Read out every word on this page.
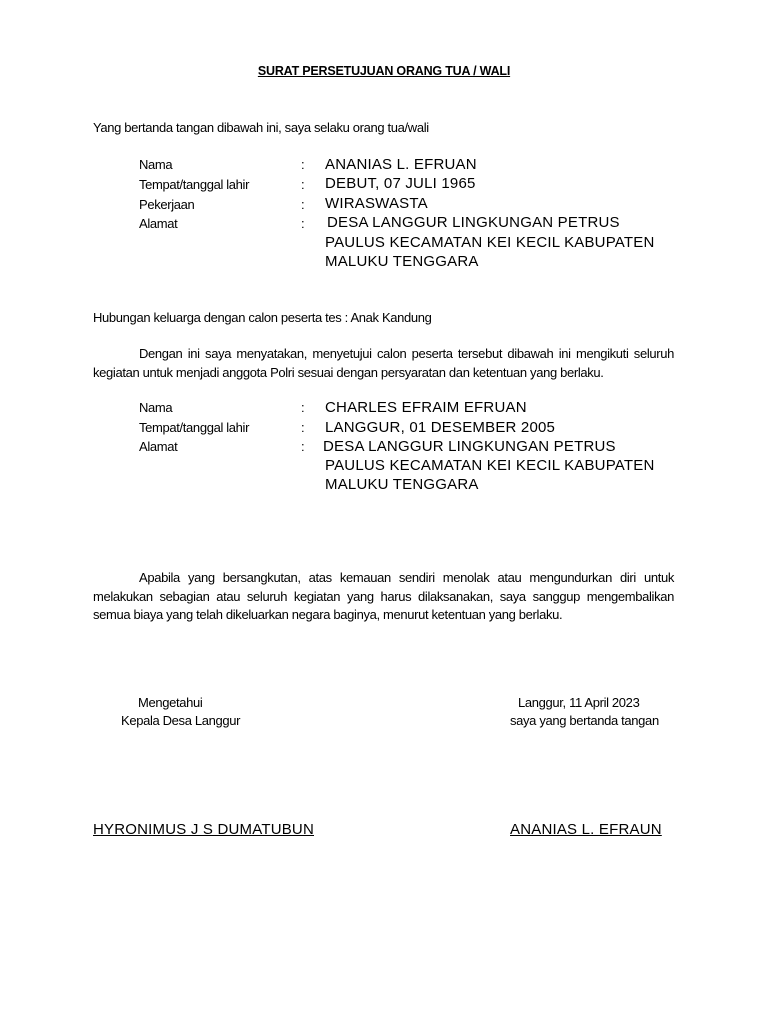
SURAT PERSETUJUAN ORANG TUA / WALI
Yang bertanda tangan dibawah ini, saya selaku orang tua/wali
Nama	: ANANIAS L. EFRUAN
Tempat/tanggal lahir	: DEBUT, 07 JULI 1965
Pekerjaan	: WIRASWASTA
Alamat	: DESA LANGGUR LINGKUNGAN PETRUS
PAULUS KECAMATAN KEI KECIL KABUPATEN
MALUKU TENGGARA
Hubungan keluarga dengan calon peserta tes : Anak Kandung
Dengan ini saya menyatakan, menyetujui calon peserta tersebut dibawah ini mengikuti seluruh kegiatan untuk menjadi anggota Polri sesuai dengan persyaratan dan ketentuan yang berlaku.
Nama	: CHARLES EFRAIM EFRUAN
Tempat/tanggal lahir	: LANGGUR, 01 DESEMBER 2005
Alamat	: DESA LANGGUR LINGKUNGAN PETRUS
PAULUS KECAMATAN KEI KECIL KABUPATEN
MALUKU TENGGARA
Apabila yang bersangkutan, atas kemauan sendiri menolak atau mengundurkan diri untuk melakukan sebagian atau seluruh kegiatan yang harus dilaksanakan, saya sanggup mengembalikan semua biaya yang telah dikeluarkan negara baginya, menurut ketentuan yang berlaku.
Mengetahui
Kepala Desa Langgur
HYRONIMUS J S DUMATUBUN
Langgur, 11 April 2023
saya yang bertanda tangan
ANANIAS L. EFRAUN
